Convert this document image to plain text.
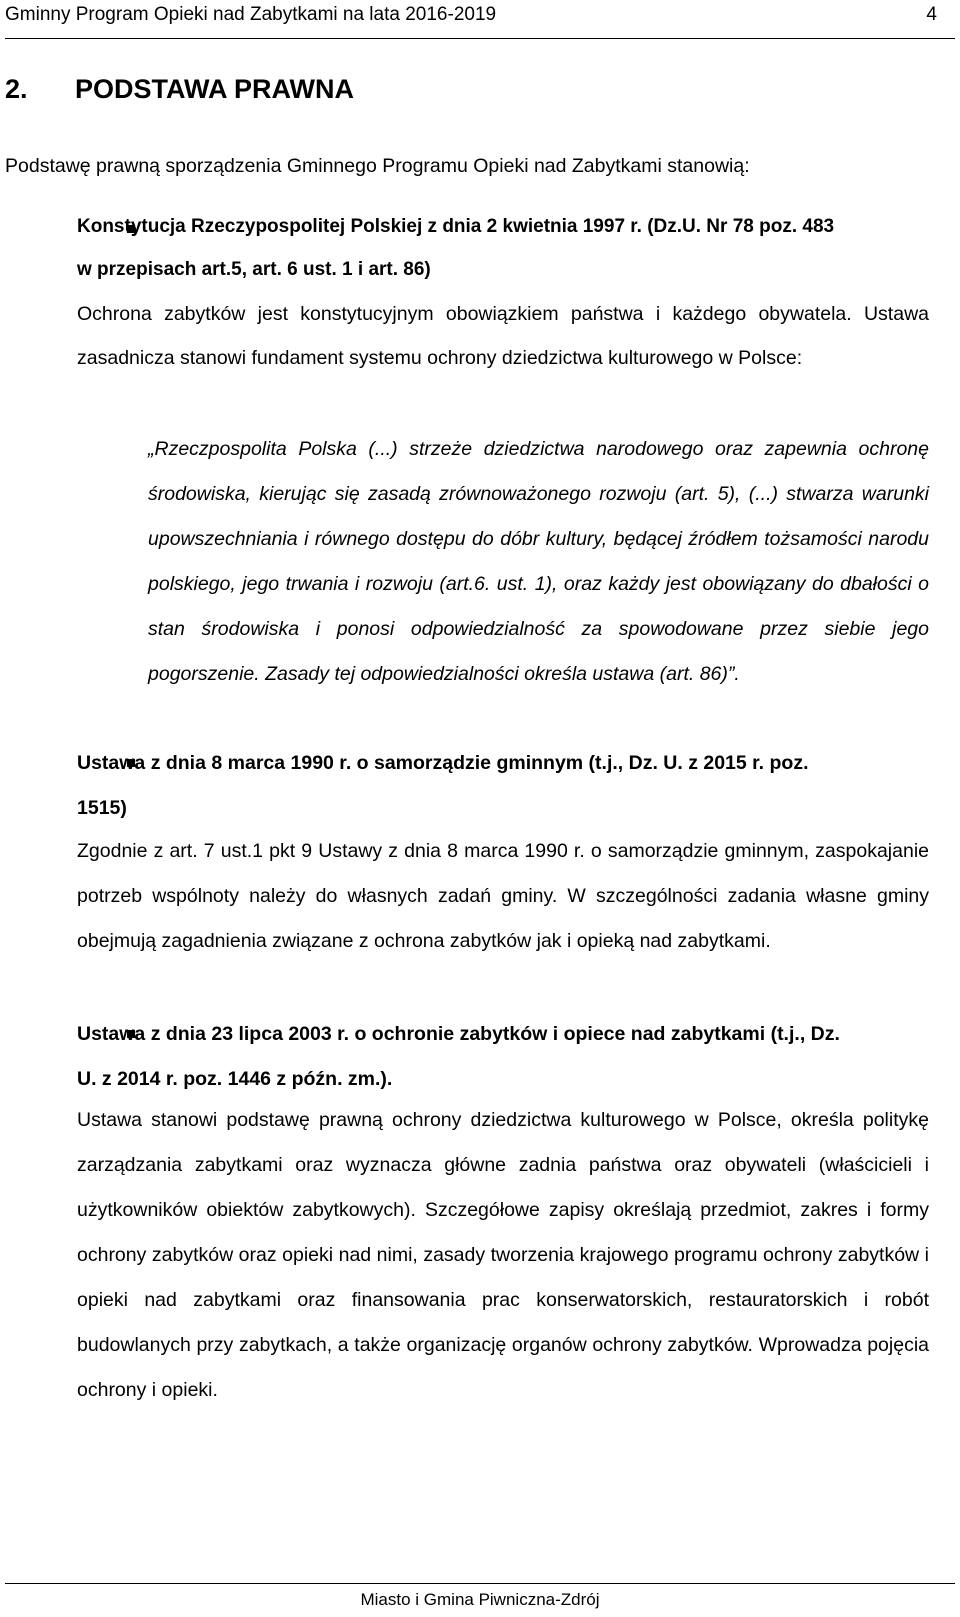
Gminny Program Opieki nad Zabytkami na lata 2016-2019	4
2. PODSTAWA PRAWNA

Podstawę prawną sporządzenia Gminnego Programu Opieki nad Zabytkami stanowią:

Konstytucja Rzeczypospolitej Polskiej z dnia 2 kwietnia 1997 r. (Dz.U. Nr 78 poz. 483

w przepisach art.5, art. 6 ust. 1 i art. 86)

Ochrona zabytków jest konstytucyjnym obowiązkiem państwa i każdego obywatela. Ustawa zasadnicza stanowi fundament systemu ochrony dziedzictwa kulturowego w Polsce:

„Rzeczpospolita Polska (...) strzeże dziedzictwa narodowego oraz zapewnia ochronę środowiska, kierując się zasadą zrównoważonego rozwoju (art. 5), (...) stwarza warunki upowszechniania i równego dostępu do dóbr kultury, będącej źródłem tożsamości narodu polskiego, jego trwania i rozwoju (art.6. ust. 1), oraz każdy jest obowiązany do dbałości o stan środowiska i ponosi odpowiedzialność za spowodowane przez siebie jego pogorszenie. Zasady tej odpowiedzialności określa ustawa (art. 86)”.

Ustawa z dnia 8 marca 1990 r. o samorządzie gminnym (t.j., Dz. U. z 2015 r. poz.

1515)

Zgodnie z art. 7 ust.1 pkt 9 Ustawy z dnia 8 marca 1990 r. o samorządzie gminnym, zaspokajanie potrzeb wspólnoty należy do własnych zadań gminy. W szczególności zadania własne gminy obejmują zagadnienia związane z ochrona zabytków jak i opieką nad zabytkami.

Ustawa z dnia 23 lipca 2003 r. o ochronie zabytków i opiece nad zabytkami (t.j., Dz.

U. z 2014 r. poz. 1446 z późn. zm.).

Ustawa stanowi podstawę prawną ochrony dziedzictwa kulturowego w Polsce, określa politykę zarządzania zabytkami oraz wyznacza główne zadnia państwa oraz obywateli (właścicieli i użytkowników obiektów zabytkowych). Szczegółowe zapisy określają przedmiot, zakres i formy ochrony zabytków oraz opieki nad nimi, zasady tworzenia krajowego programu ochrony zabytków i opieki nad zabytkami oraz finansowania prac konserwatorskich, restauratorskich i robót budowlanych przy zabytkach, a także organizację organów ochrony zabytków. Wprowadza pojęcia ochrony i opieki.

Miasto i Gmina Piwniczna-Zdrój
